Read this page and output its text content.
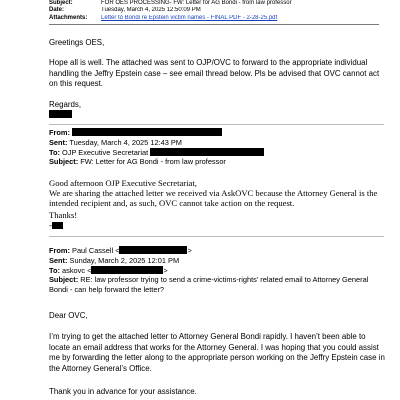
Subject:	FOR OES PROCESSING- FW: Letter for AG Bondi - from law professor
Date:	Tuesday, March 4, 2025 12:50:09 PM
Attachments:	Letter to Bondi re Epstein victim names - FINAL PDF - 2-28-25.pdf
Greetings OES,
Hope all is well. The attached was sent to OJP/OVC to forward to the appropriate individual handling the Jeffry Epstein case – see email thread below. Pls be advised that OVC cannot act on this request.
Regards,
From:
Sent: Tuesday, March 4, 2025 12:43 PM
To: OJP Executive Secretariat
Subject: FW: Letter for AG Bondi - from law professor
Good afternoon OJP Executive Secretariat,
We are sharing the attached letter we received via AskOVC because the Attorney General is the intended recipient and, as such, OVC cannot take action on the request.
Thanks!
-
From: Paul Cassell <	>
Sent: Sunday, March 2, 2025 12:01 PM
To: askovc <	>
Subject: RE: law professor trying to send a crime-victims-rights' related email to Attorney General Bondi - can help forward the letter?
Dear OVC,
I’m trying to get the attached letter to Attorney General Bondi rapidly. I haven’t been able to locate an email address that works for the Attorney General. I was hoping that you could assist me by forwarding the letter along to the appropriate person working on the Jeffry Epstein case in the Attorney General’s Office.
Thank you in advance for your assistance.
